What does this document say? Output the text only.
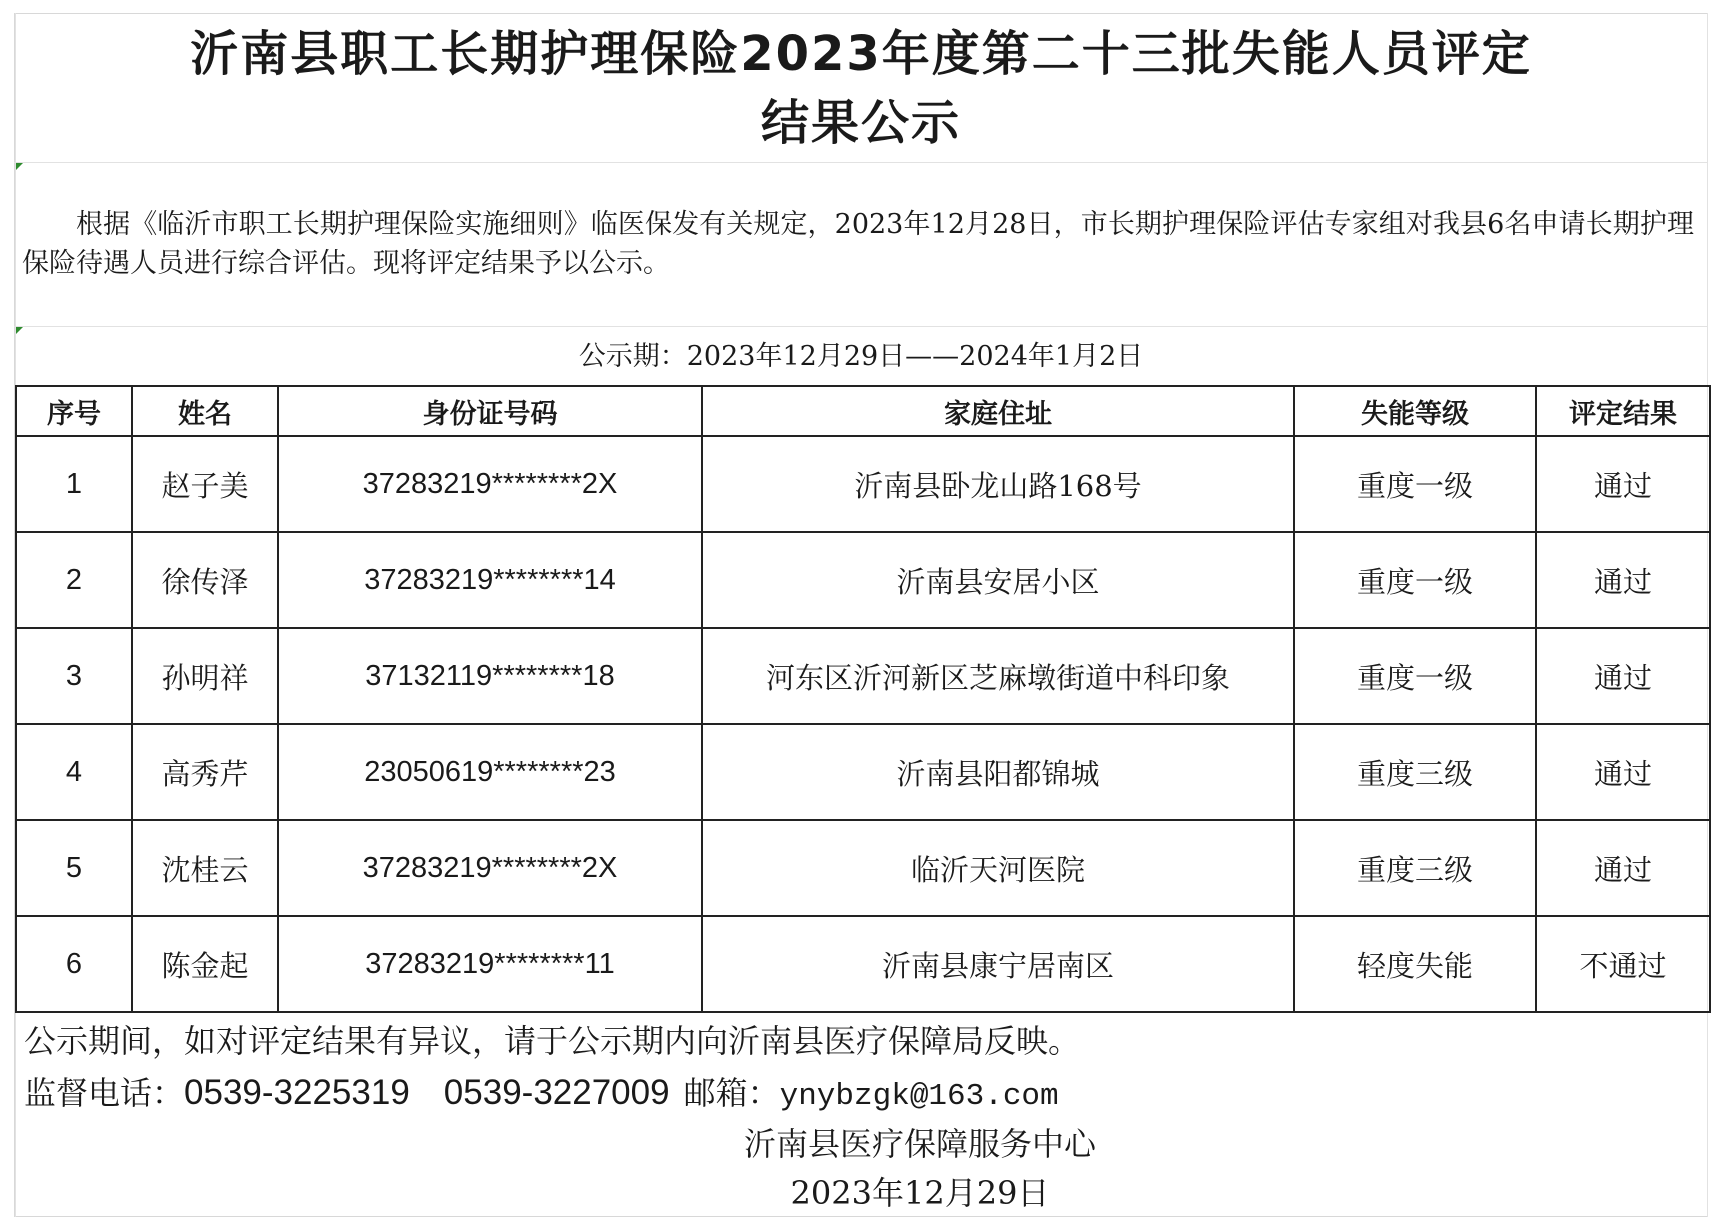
沂南县职工长期护理保险2023年度第二十三批失能人员评定
结果公示
根据《临沂市职工长期护理保险实施细则》临医保发有关规定，2023年12月28日，市长期护理保险评估专家组对我县6名申请长期护理保险待遇人员进行综合评估。现将评定结果予以公示。
公示期：2023年12月29日——2024年1月2日
序号	姓名	身份证号码	家庭住址	失能等级	评定结果
1	赵子美	37283219********2X	沂南县卧龙山路168号	重度一级	通过
2	徐传泽	37283219********14	沂南县安居小区	重度一级	通过
3	孙明祥	37132119********18	河东区沂河新区芝麻墩街道中科印象	重度一级	通过
4	高秀芹	23050619********23	沂南县阳都锦城	重度三级	通过
5	沈桂云	37283219********2X	临沂天河医院	重度三级	通过
6	陈金起	37283219********11	沂南县康宁居南区	轻度失能	不通过
公示期间，如对评定结果有异议，请于公示期内向沂南县医疗保障局反映。
监督电话：0539-3225319 0539-3227009 邮箱：ynybzgk@163.com
沂南县医疗保障服务中心
2023年12月29日
